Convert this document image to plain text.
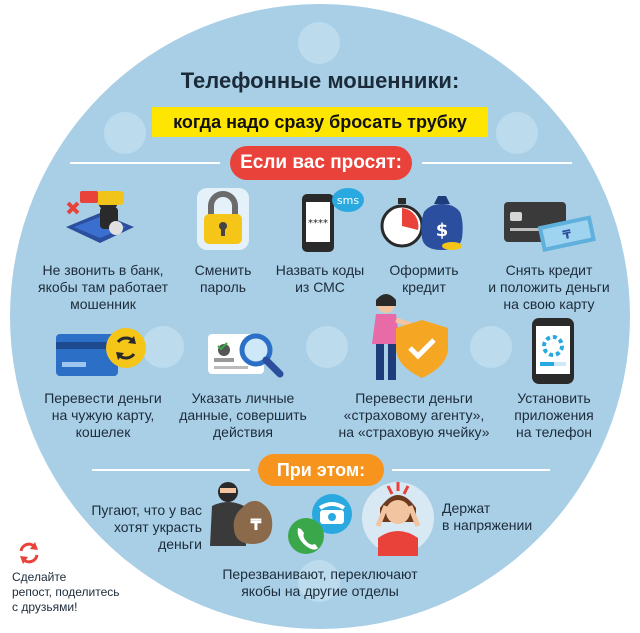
Телефонные мошенники:
когда надо сразу бросать трубку
Если вас просят:
****
sms
$	₸
Не звонить в банк,
якобы там работает
мошенник
Сменить
пароль
Назвать коды
из СМС
Оформить
кредит
Снять кредит
и положить деньги
на свою карту
Перевести деньги
на чужую карту,
кошелек
Указать личные
данные, совершить
действия
Перевести деньги
«страховому агенту»,
на «страховую ячейку»
Установить
приложения
на телефон
При этом:
₸
Пугают, что у вас
хотят украсть
деньги
Перезванивают, переключают
якобы на другие отделы
Держат
в напряжении
Сделайте
репост, поделитесь
с друзьями!
